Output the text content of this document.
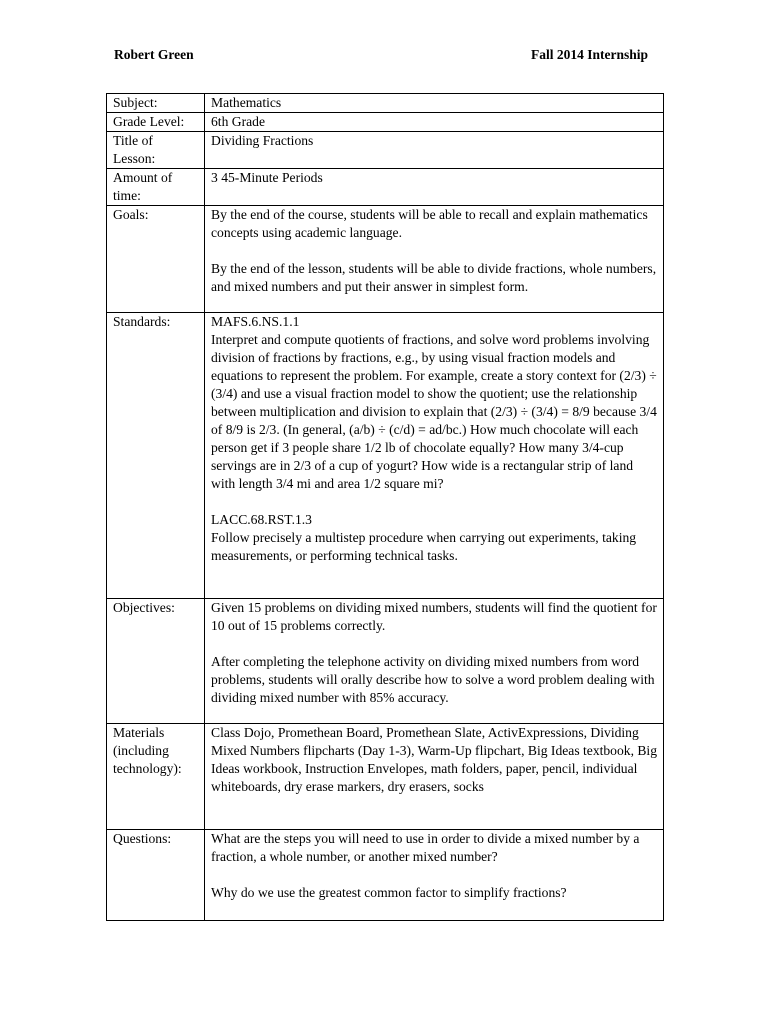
Robert Green	Fall 2014 Internship
Subject:	Mathematics
Grade Level:	6th Grade
Title of Lesson:	Dividing Fractions
Amount of time:	3 45-Minute Periods
Goals:	By the end of the course, students will be able to recall and explain mathematics concepts using academic language.
By the end of the lesson, students will be able to divide fractions, whole numbers, and mixed numbers and put their answer in simplest form.

Standards:	MAFS.6.NS.1.1
Interpret and compute quotients of fractions, and solve word problems involving division of fractions by fractions, e.g., by using visual fraction models and equations to represent the problem. For example, create a story context for (2/3) ÷ (3/4) and use a visual fraction model to show the quotient; use the relationship between multiplication and division to explain that (2/3) ÷ (3/4) = 8/9 because 3/4 of 8/9 is 2/3. (In general, (a/b) ÷ (c/d) = ad/bc.) How much chocolate will each person get if 3 people share 1/2 lb of chocolate equally? How many 3/4-cup servings are in 2/3 of a cup of yogurt? How wide is a rectangular strip of land with length 3/4 mi and area 1/2 square mi?
LACC.68.RST.1.3
Follow precisely a multistep procedure when carrying out experiments, taking measurements, or performing technical tasks.

Objectives:	Given 15 problems on dividing mixed numbers, students will find the quotient for 10 out of 15 problems correctly.
After completing the telephone activity on dividing mixed numbers from word problems, students will orally describe how to solve a word problem dealing with dividing mixed number with 85% accuracy.

Materials (including technology):	Class Dojo, Promethean Board, Promethean Slate, ActivExpressions, Dividing Mixed Numbers flipcharts (Day 1-3), Warm-Up flipchart, Big Ideas textbook, Big Ideas workbook, Instruction Envelopes, math folders, paper, pencil, individual whiteboards, dry erase markers, dry erasers, socks
Questions:	What are the steps you will need to use in order to divide a mixed number by a fraction, a whole number, or another mixed number?
Why do we use the greatest common factor to simplify fractions?
